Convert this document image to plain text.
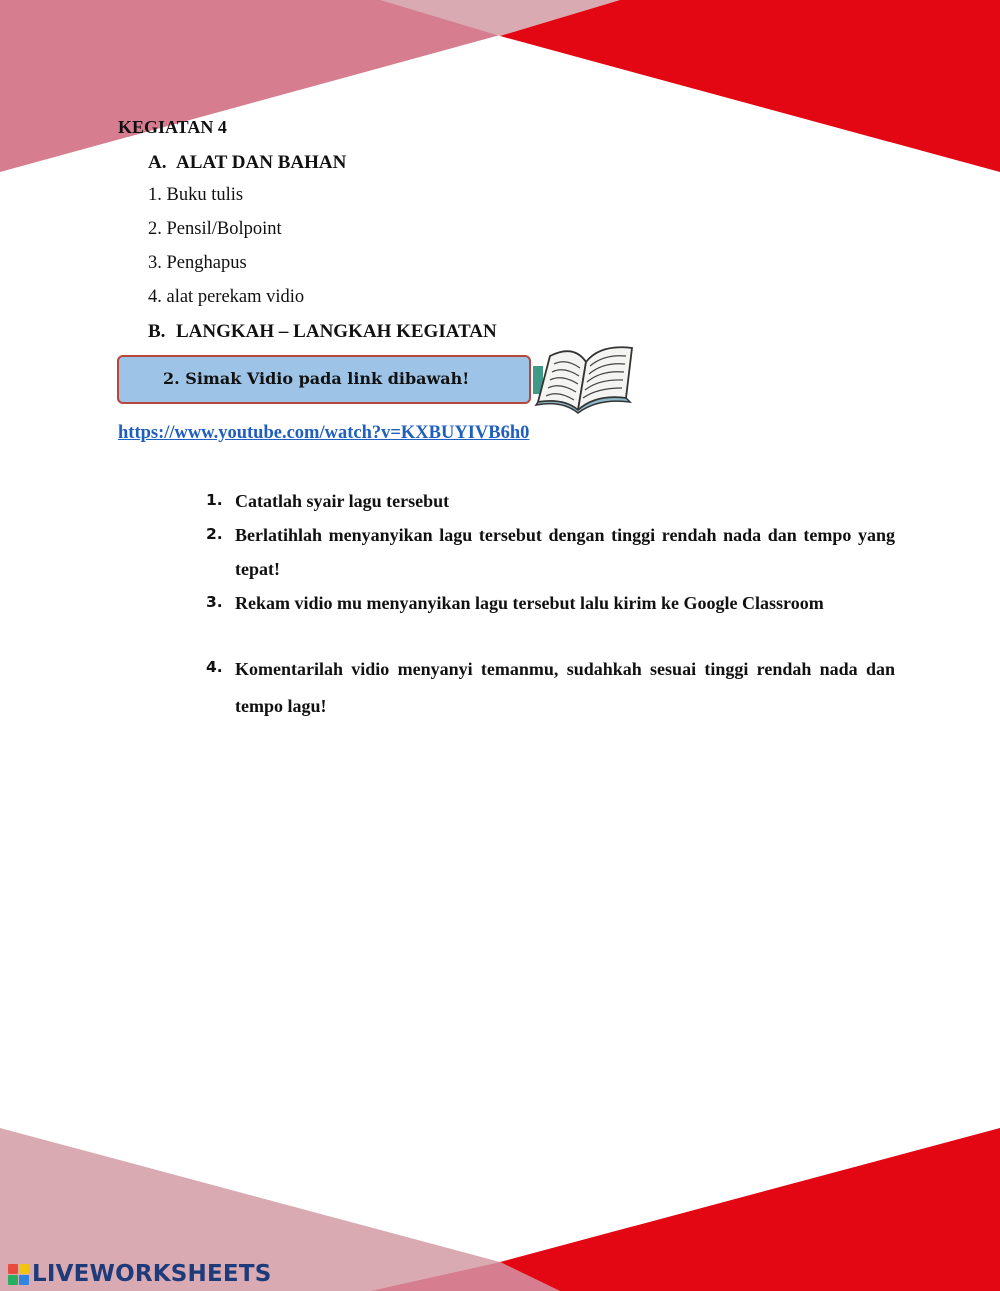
KEGIATAN 4
A. ALAT DAN BAHAN
1. Buku tulis
2. Pensil/Bolpoint
3. Penghapus
4. alat perekam vidio
B. LANGKAH – LANGKAH KEGIATAN
2. Simak Vidio pada link dibawah!
https://www.youtube.com/watch?v=KXBUYIVB6h0
1. Catatlah syair lagu tersebut
2. Berlatihlah menyanyikan lagu tersebut dengan tinggi rendah nada dan tempo yang tepat!
3. Rekam vidio mu menyanyikan lagu tersebut lalu kirim ke Google Classroom
4. Komentarilah vidio menyanyi temanmu, sudahkah sesuai tinggi rendah nada dan tempo lagu!
LIVEWORKSHEETS
